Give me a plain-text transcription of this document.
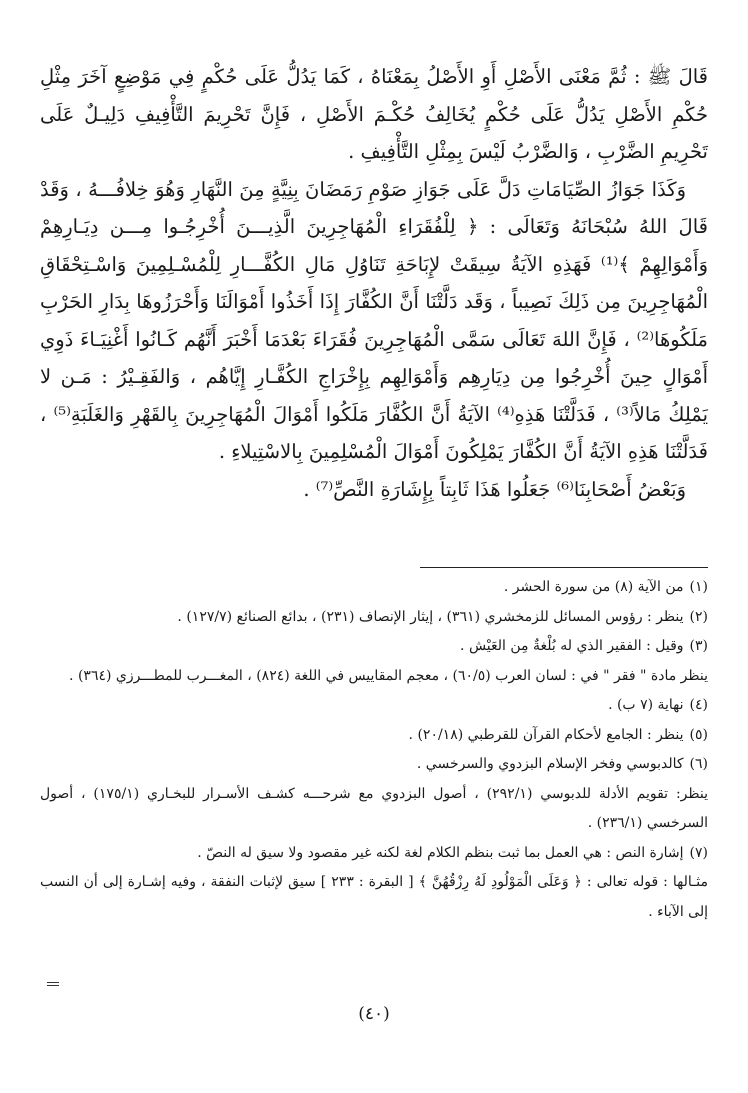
قَالَ ﷺ : ثُمَّ مَعْنَى الأَصْلِ أَوِ الأَصْلُ بِمَعْنَاهُ ، كَمَا يَدُلُّ عَلَى حُكْمٍ فِي مَوْضِعٍ آخَرَ مِثْلِ حُكْمِ الأَصْلِ يَدُلُّ عَلَى حُكْمٍ يُخَالِفُ حُكْـمَ الأَصْلِ ، فَإِنَّ تَحْرِيمَ التَّأْفِيفِ دَلِيـلٌ عَلَى تَحْرِيمِ الضَّرْبِ ، وَالضَّرْبُ لَيْسَ بِمِثْلِ التَّأْفِيفِ .

وَكَذَا جَوَازُ الصِّيَامَاتِ دَلَّ عَلَى جَوَازِ صَوْمِ رَمَضَانَ بِنِيَّةٍ مِنَ النَّهَارِ وَهُوَ خِلافُـــهُ ، وَقَدْ قَالَ اللهُ سُبْحَانَهُ وَتَعَالَى : ﴿ لِلْفُقَرَاءِ الْمُهَاجِرِينَ الَّذِيـــنَ أُخْرِجُـوا مِـــن دِيَـارِهِمْ وَأَمْوَالِهِمْ ﴾⁽¹⁾ فَهَذِهِ الآيَةُ سِيقَتْ لإِبَاحَةِ تَنَاوُلِ مَالِ الكُفَّـــارِ لِلْمُسْـلِمِينَ وَاسْـتِحْقَاقِ الْمُهَاجِرِينَ مِن ذَلِكَ نَصِيباً ، وَقَد دَلَّتْنَا أَنَّ الكُفَّارَ إِذَا أَخَذُوا أَمْوَالَنَا وَأَحْرَزُوهَا بِدَارِ الحَرْبِ مَلَكُوهَا⁽²⁾ ، فَإِنَّ اللهَ تَعَالَى سَمَّى الْمُهَاجِرِينَ فُقَرَاءَ بَعْدَمَا أَخْبَرَ أَنَّهُم كَـانُوا أَغْنِيَـاءَ ذَوِي أَمْوَالٍ حِينَ أُخْرِجُوا مِن دِيَارِهِم وَأَمْوَالِهِم بِإِخْرَاجِ الكُفَّـارِ إِيَّاهُم ، وَالفَقِـيْرُ : مَـن لا يَمْلِكُ مَالاً⁽³⁾ ، فَدَلَّتْنَا هَذِهِ⁽⁴⁾ الآيَةُ أَنَّ الكُفَّارَ مَلَكُوا أَمْوَالَ الْمُهَاجِرِينَ بِالقَهْرِ وَالغَلَبَةِ⁽⁵⁾ ، فَدَلَّتْنَا هَذِهِ الآيَةُ أَنَّ الكُفَّارَ يَمْلِكُونَ أَمْوَالَ الْمُسْلِمِينَ بِالاسْتِيلاءِ .

وَبَعْضُ أَصْحَابِنَا⁽⁶⁾ جَعَلُوا هَذَا ثَابِتاً بِإِشَارَةِ النَّصِّ⁽⁷⁾ .

(١)من الآية (٨) من سورة الحشر .

(٢)ينظر : رؤوس المسائل للزمخشري (٣٦١) ، إيثار الإنصاف (٢٣١) ، بدائع الصنائع (١٢٧/٧) .

(٣)وقيل : الفقير الذي له بُلْغةٌ مِن العَيْش .

ينظر مادة " فقر " في : لسان العرب (٦٠/٥) ، معجم المقاييس في اللغة (٨٢٤) ، المغـــرب للمطـــرزي (٣٦٤) .

(٤)نهاية (٧ ب) .

(٥)ينظر : الجامع لأحكام القرآن للقرطبي (٢٠/١٨) .

(٦)كالدبوسي وفخر الإسلام البزدوي والسرخسي .

ينظر: تقويم الأدلة للدبوسي (٢٩٢/١) ، أصول البزدوي مع شرحـــه كشـف الأسـرار للبخـاري (١٧٥/١) ، أصول السرخسي (٢٣٦/١) .

(٧)إشارة النص : هي العمل بما ثبت بنظم الكلام لغة لكنه غير مقصود ولا سيق له النصّ .

مثـالها : قوله تعالى : ﴿ وَعَلَى الْمَوْلُودِ لَهُ رِزْقُهُنَّ ﴾ [ البقرة : ٢٣٣ ] سيق لإثبات النفقة ، وفيه إشـارة إلى أن النسب إلى الآباء .

(٤٠)
